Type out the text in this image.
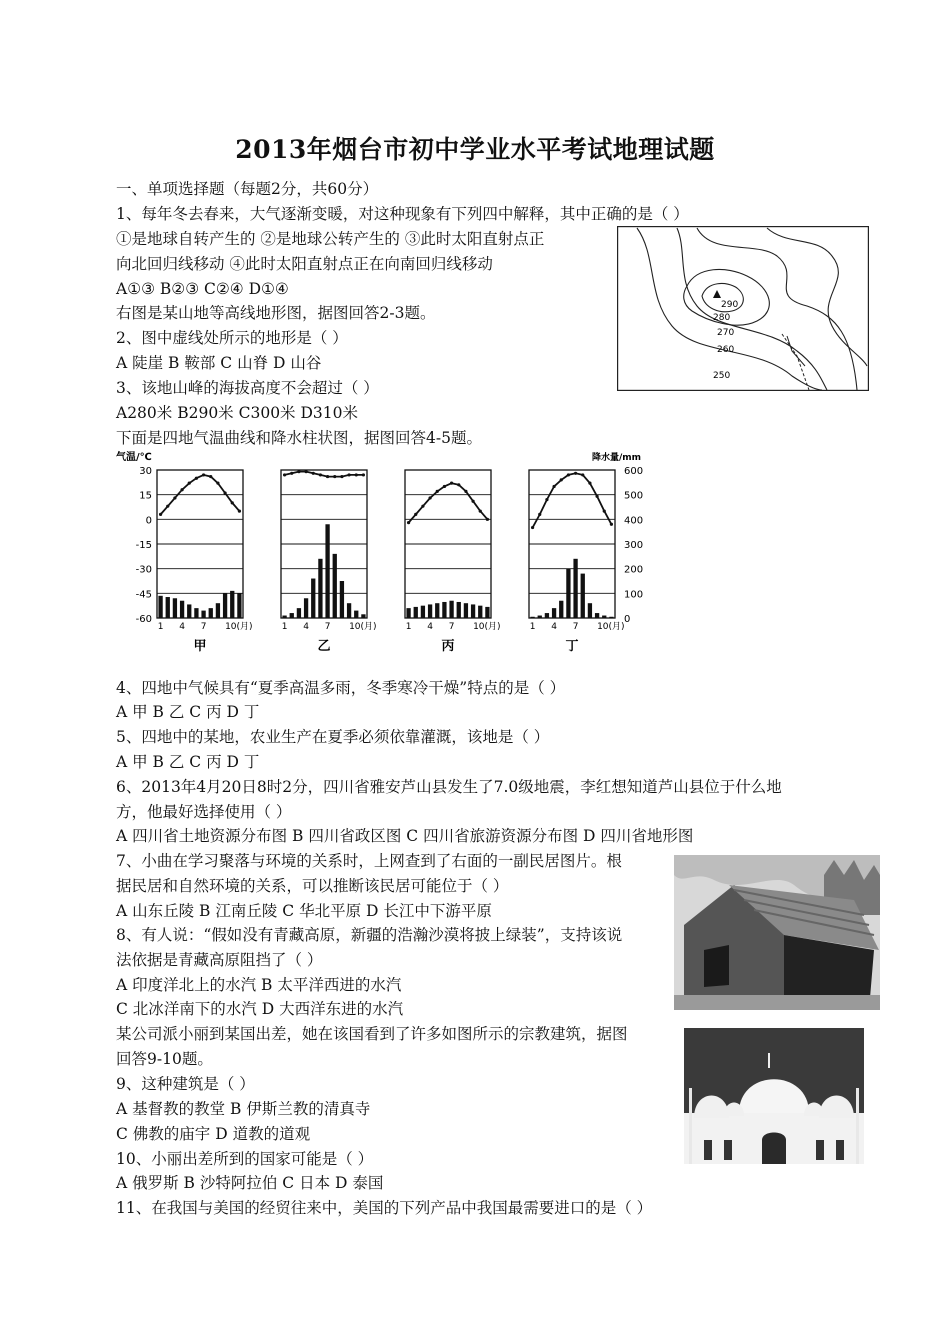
2013年烟台市初中学业水平考试地理试题
一、单项选择题（每题2分，共60分）
1、每年冬去春来，大气逐渐变暖，对这种现象有下列四中解释，其中正确的是（ ）
①是地球自转产生的 ②是地球公转产生的 ③此时太阳直射点正
向北回归线移动 ④此时太阳直射点正在向南回归线移动
A①③ B②③ C②④ D①④
右图是某山地等高线地形图，据图回答2-3题。
2、图中虚线处所示的地形是（ ）
A 陡崖 B 鞍部 C 山脊 D 山谷
3、该地山峰的海拔高度不会超过（ ）
A280米 B290米 C300米 D310米
下面是四地气温曲线和降水柱状图，据图回答4-5题。
4、四地中气候具有“夏季高温多雨，冬季寒冷干燥”特点的是（ ）
A 甲 B 乙 C 丙 D 丁
5、四地中的某地，农业生产在夏季必须依靠灌溉，该地是（ ）
A 甲 B 乙 C 丙 D 丁
6、2013年4月20日8时2分，四川省雅安芦山县发生了7.0级地震，李红想知道芦山县位于什么地
方，他最好选择使用（ ）
A 四川省土地资源分布图 B 四川省政区图 C 四川省旅游资源分布图 D 四川省地形图
7、小曲在学习聚落与环境的关系时，上网查到了右面的一副民居图片。根
据民居和自然环境的关系，可以推断该民居可能位于（ ）
A 山东丘陵 B 江南丘陵 C 华北平原 D 长江中下游平原
8、有人说：“假如没有青藏高原，新疆的浩瀚沙漠将披上绿装”，支持该说
法依据是青藏高原阻挡了（ ）
A 印度洋北上的水汽 B 太平洋西进的水汽
C 北冰洋南下的水汽 D 大西洋东进的水汽
某公司派小丽到某国出差，她在该国看到了许多如图所示的宗教建筑，据图
回答9-10题。
9、这种建筑是（ ）
A 基督教的教堂 B 伊斯兰教的清真寺
C 佛教的庙宇 D 道教的道观
10、小丽出差所到的国家可能是（ ）
A 俄罗斯 B 沙特阿拉伯 C 日本 D 泰国
11、在我国与美国的经贸往来中，美国的下列产品中我国最需要进口的是（ ）
290
280
270
260
250
气温/℃
30
15
0
-15
-30
-45
-60
降水量/mm
600
500
400
300
200
100
0
1 4 7 10(月)
甲
1 4 7 10(月)
乙
1 4 7 10(月)
丙
1 4 7 10(月)
丁
